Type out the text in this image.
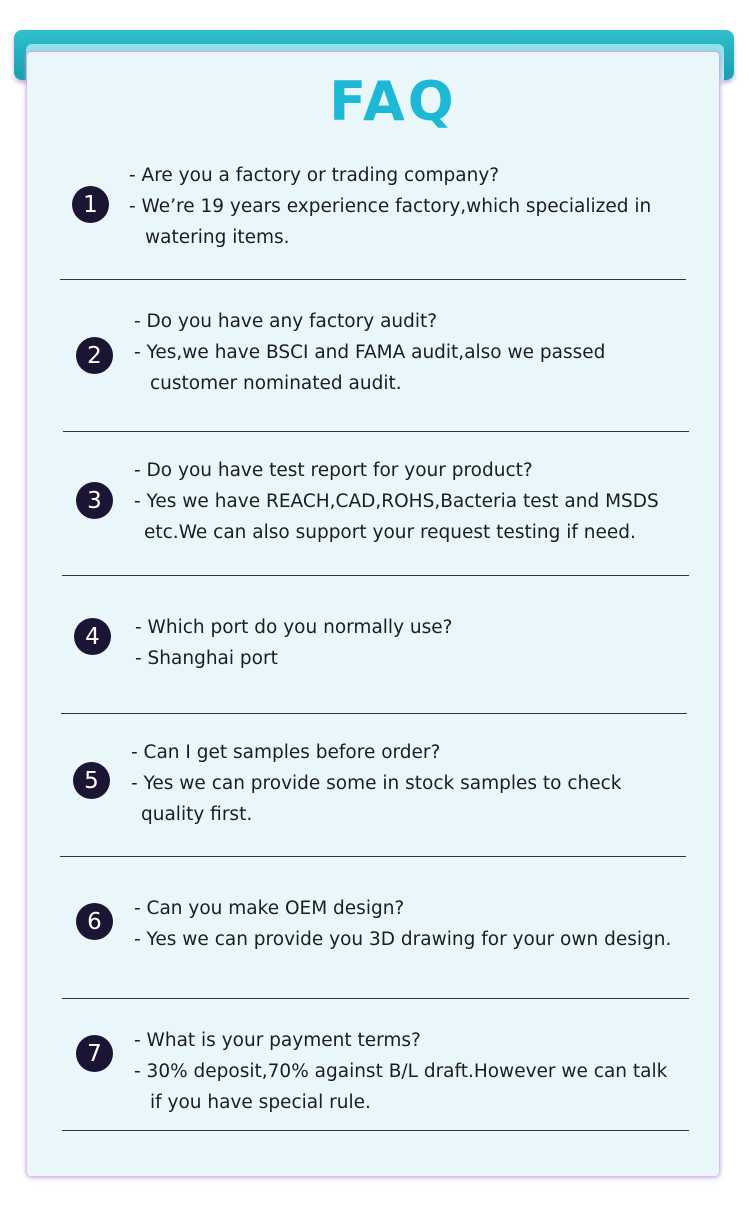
FAQ
1
- Are you a factory or trading company?
- We’re 19 years experience factory,which specialized in
watering items.
2
- Do you have any factory audit?
- Yes,we have BSCI and FAMA audit,also we passed
customer nominated audit.
3
- Do you have test report for your product?
- Yes we have REACH,CAD,ROHS,Bacteria test and MSDS
etc.We can also support your request testing if need.
4	- Which port do you normally use?
- Shanghai port
5
- Can I get samples before order?
- Yes we can provide some in stock samples to check
quality first.
6	- Can you make OEM design?
- Yes we can provide you 3D drawing for your own design.
7	- What is your payment terms?
- 30% deposit,70% against B/L draft.However we can talk
if you have special rule.
